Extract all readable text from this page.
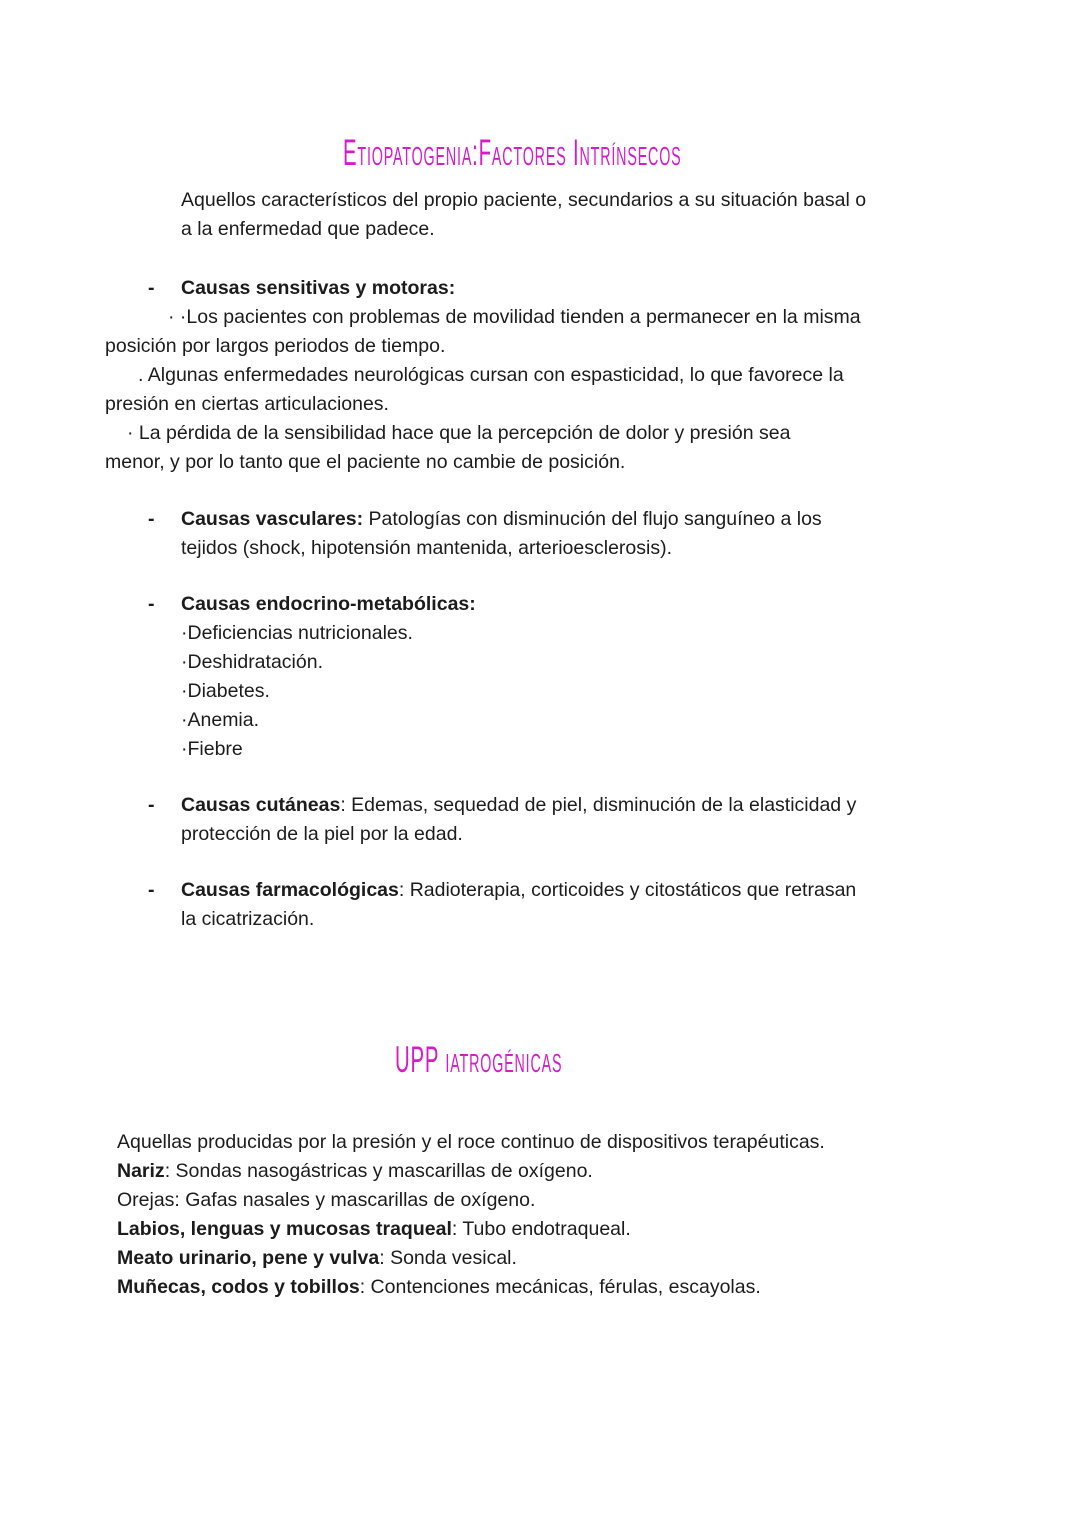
Etiopatogenia:Factores Intrínsecos
Aquellos característicos del propio paciente, secundarios a su situación basal o
a la enfermedad que padece.
- Causas sensitivas y motoras:
· ·Los pacientes con problemas de movilidad tienden a permanecer en la misma
posición por largos periodos de tiempo.
. Algunas enfermedades neurológicas cursan con espasticidad, lo que favorece la
presión en ciertas articulaciones.
· La pérdida de la sensibilidad hace que la percepción de dolor y presión sea
menor, y por lo tanto que el paciente no cambie de posición.
- Causas vasculares: Patologías con disminución del flujo sanguíneo a los
tejidos (shock, hipotensión mantenida, arterioesclerosis).
- Causas endocrino-metabólicas:
·Deficiencias nutricionales.
·Deshidratación.
·Diabetes.
·Anemia.
·Fiebre
- Causas cutáneas: Edemas, sequedad de piel, disminución de la elasticidad y
protección de la piel por la edad.
- Causas farmacológicas: Radioterapia, corticoides y citostáticos que retrasan
la cicatrización.
UPP iatrogénicas
Aquellas producidas por la presión y el roce continuo de dispositivos terapéuticas.
Nariz: Sondas nasogástricas y mascarillas de oxígeno.
Orejas: Gafas nasales y mascarillas de oxígeno.
Labios, lenguas y mucosas traqueal: Tubo endotraqueal.
Meato urinario, pene y vulva: Sonda vesical.
Muñecas, codos y tobillos: Contenciones mecánicas, férulas, escayolas.
